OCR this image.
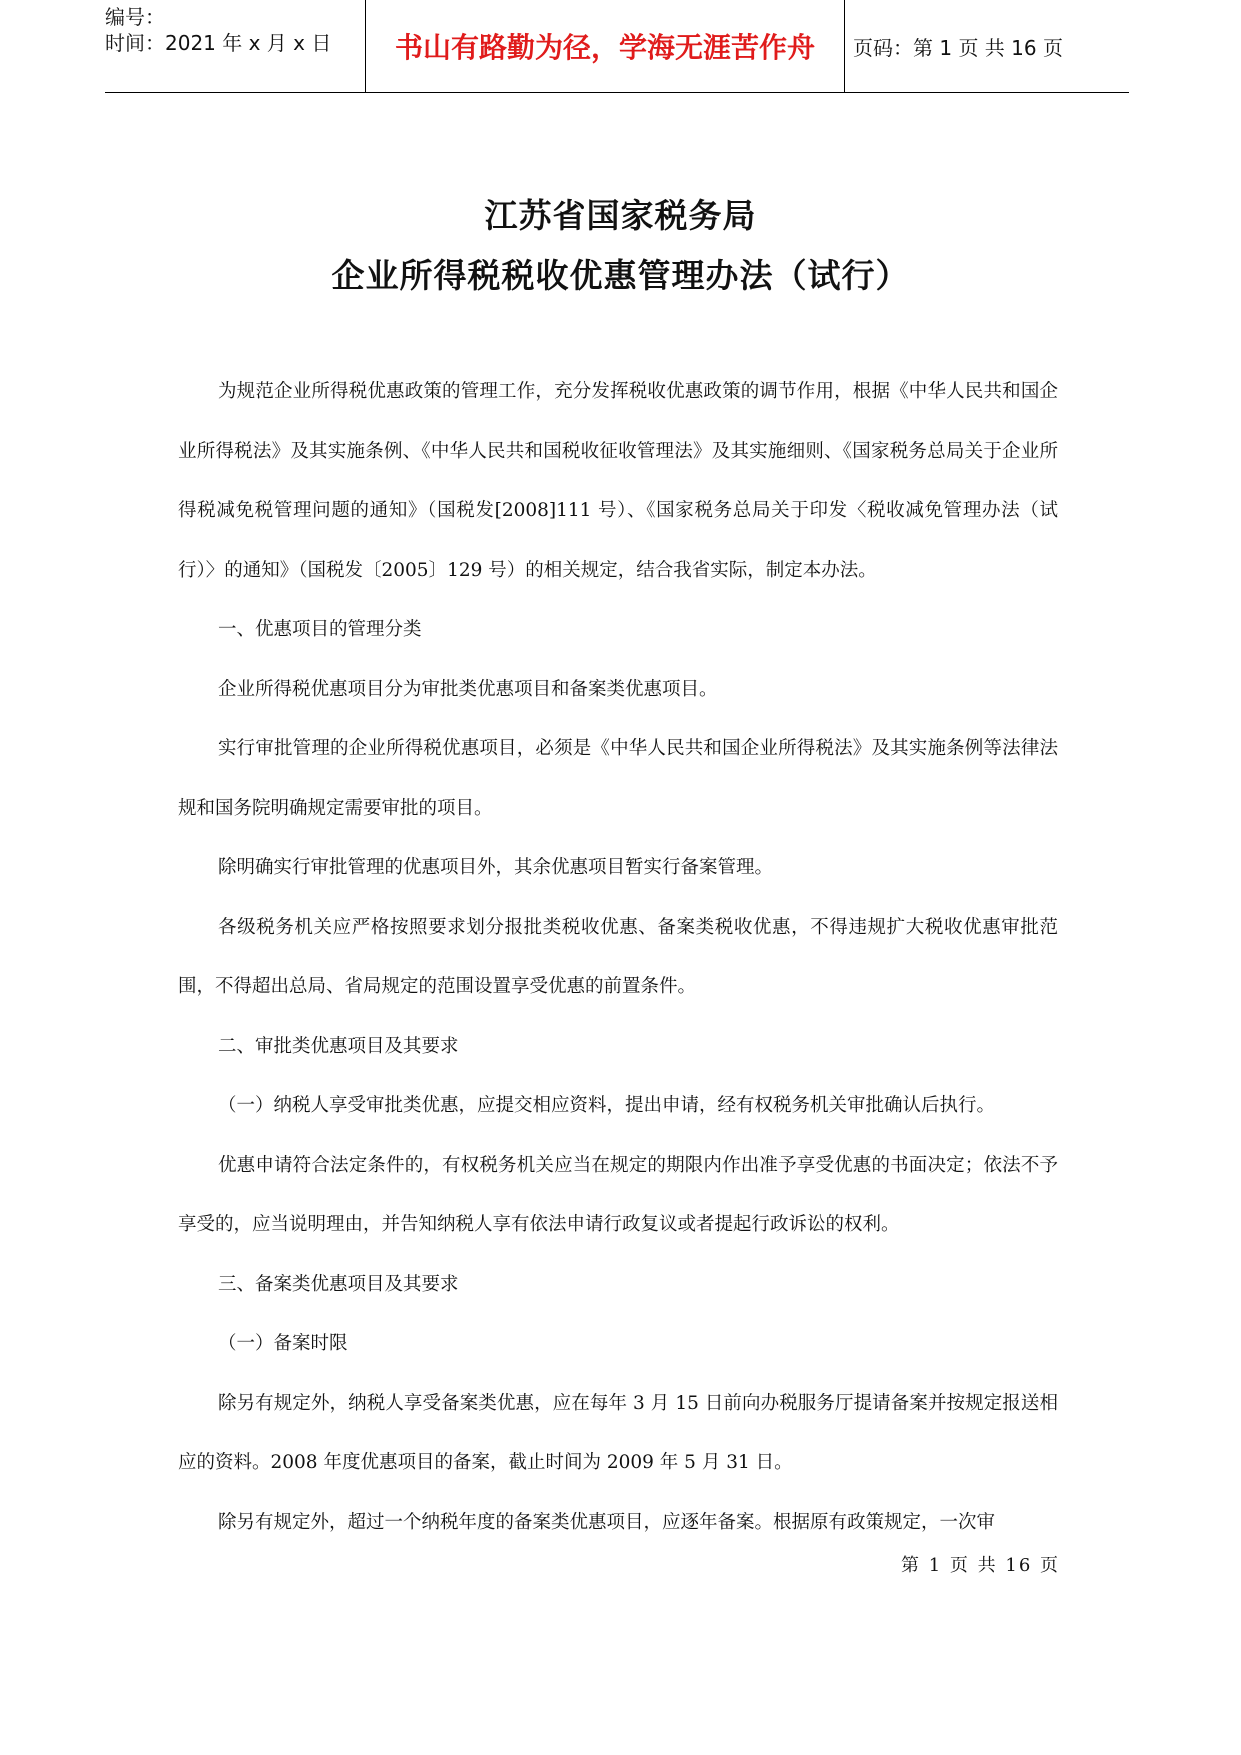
编号：
时间：2021 年 x 月 x 日	书山有路勤为径，学海无涯苦作舟 页码：第 1 页 共 16 页
江苏省国家税务局
企业所得税税收优惠管理办法（试行）

为规范企业所得税优惠政策的管理工作，充分发挥税收优惠政策的调节作用，根据《中华人民共和国企业所得税法》及其实施条例、《中华人民共和国税收征收管理法》及其实施细则、《国家税务总局关于企业所得税减免税管理问题的通知》（国税发[2008]111 号）、《国家税务总局关于印发〈税收减免管理办法（试行）〉的通知》（国税发〔2005〕129 号）的相关规定，结合我省实际，制定本办法。

一、优惠项目的管理分类

企业所得税优惠项目分为审批类优惠项目和备案类优惠项目。

实行审批管理的企业所得税优惠项目，必须是《中华人民共和国企业所得税法》及其实施条例等法律法规和国务院明确规定需要审批的项目。

除明确实行审批管理的优惠项目外，其余优惠项目暂实行备案管理。

各级税务机关应严格按照要求划分报批类税收优惠、备案类税收优惠，不得违规扩大税收优惠审批范围，不得超出总局、省局规定的范围设置享受优惠的前置条件。

二、审批类优惠项目及其要求

（一）纳税人享受审批类优惠，应提交相应资料，提出申请，经有权税务机关审批确认后执行。

优惠申请符合法定条件的，有权税务机关应当在规定的期限内作出准予享受优惠的书面决定；依法不予享受的，应当说明理由，并告知纳税人享有依法申请行政复议或者提起行政诉讼的权利。

三、备案类优惠项目及其要求

（一）备案时限

除另有规定外，纳税人享受备案类优惠，应在每年 3 月 15 日前向办税服务厅提请备案并按规定报送相应的资料。2008 年度优惠项目的备案，截止时间为 2009 年 5 月 31 日。

除另有规定外，超过一个纳税年度的备案类优惠项目，应逐年备案。根据原有政策规定，一次审

第 1 页 共 16 页
